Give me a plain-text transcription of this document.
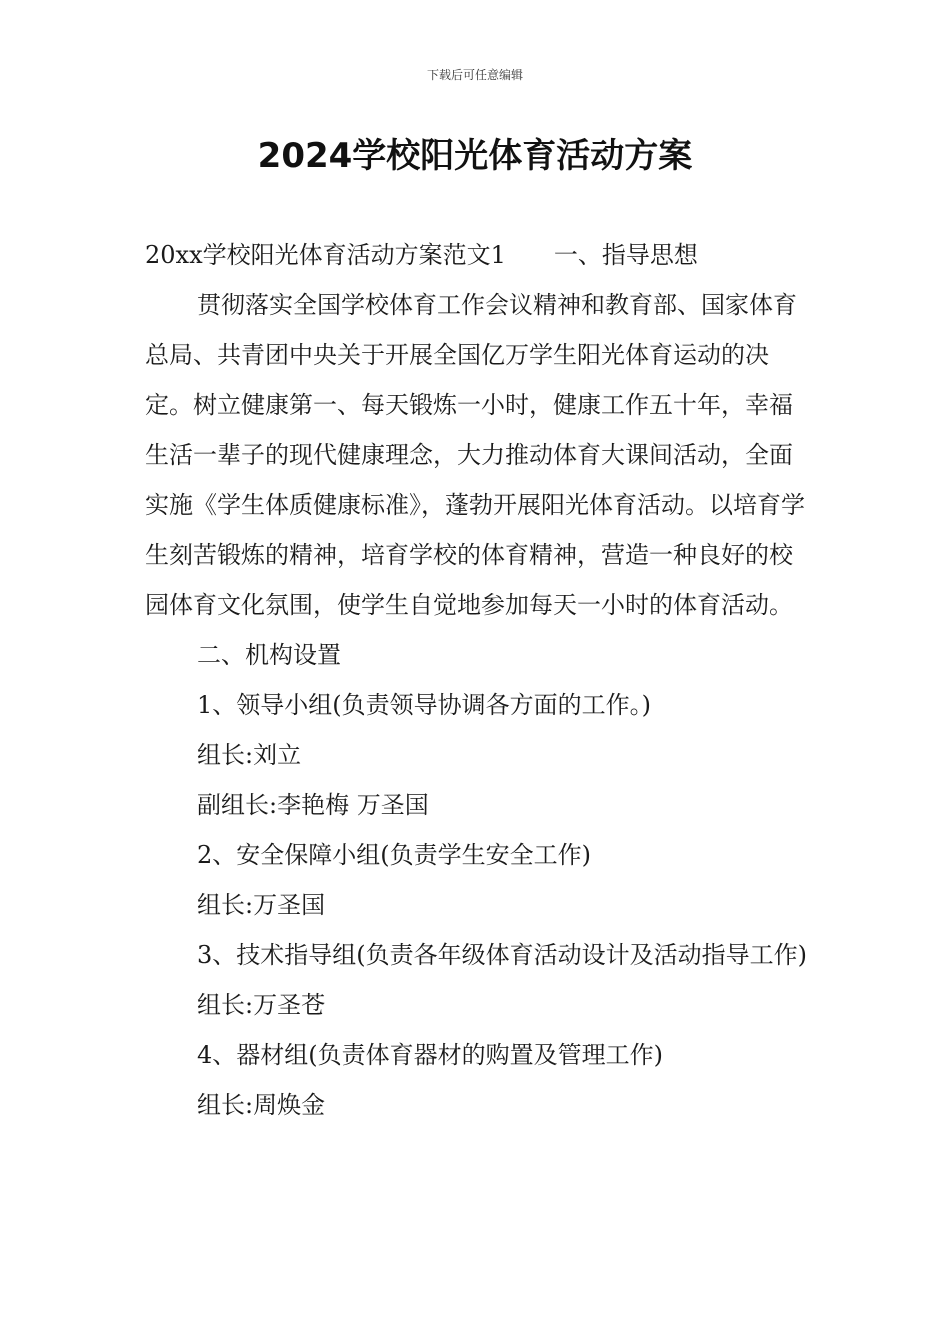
下载后可任意编辑
2024学校阳光体育活动方案
20xx学校阳光体育活动方案范文1 一、指导思想
贯彻落实全国学校体育工作会议精神和教育部、国家体育总局、共青团中央关于开展全国亿万学生阳光体育运动的决定。树立健康第一、每天锻炼一小时，健康工作五十年，幸福生活一辈子的现代健康理念，大力推动体育大课间活动，全面实施《学生体质健康标准》，蓬勃开展阳光体育活动。以培育学生刻苦锻炼的精神，培育学校的体育精神，营造一种良好的校园体育文化氛围，使学生自觉地参加每天一小时的体育活动。
二、机构设置
1、领导小组(负责领导协调各方面的工作。)
组长:刘立
副组长:李艳梅 万圣国
2、安全保障小组(负责学生安全工作)
组长:万圣国
3、技术指导组(负责各年级体育活动设计及活动指导工作)
组长:万圣苍
4、器材组(负责体育器材的购置及管理工作)
组长:周焕金
